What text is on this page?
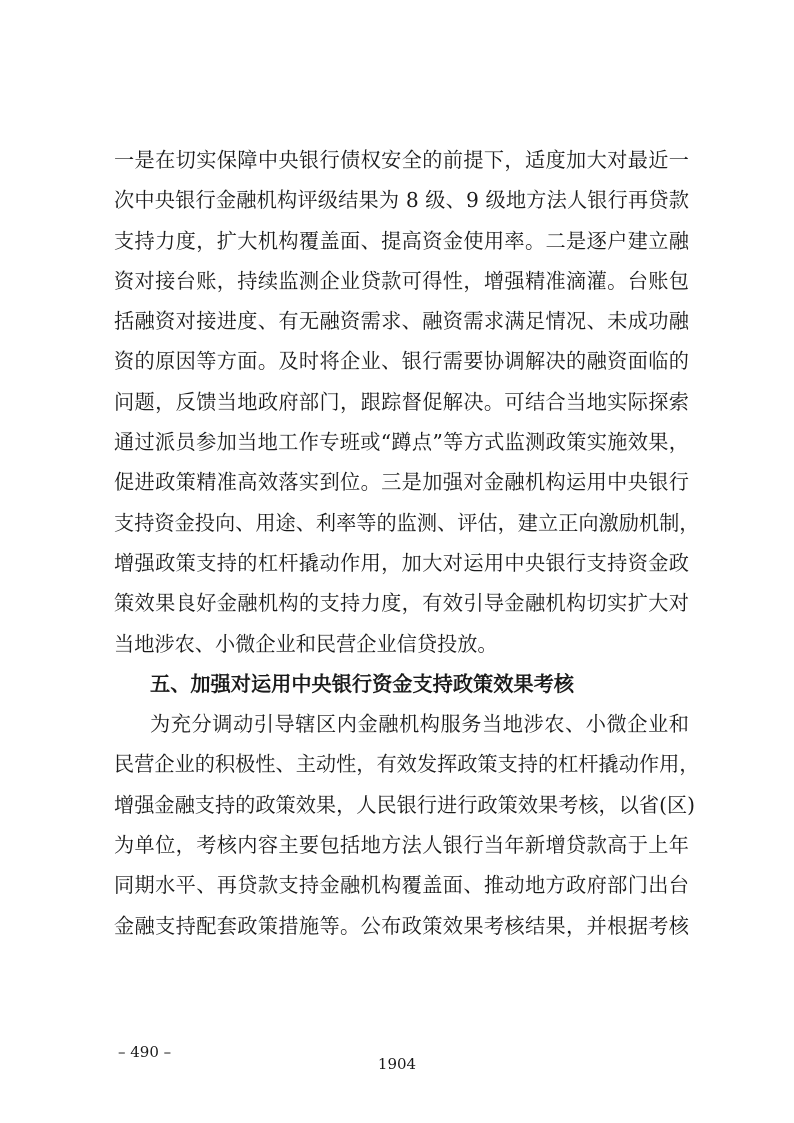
一是在切实保障中央银行债权安全的前提下，适度加大对最近一
次中央银行金融机构评级结果为 8 级、9 级地方法人银行再贷款
支持力度，扩大机构覆盖面、提高资金使用率。二是逐户建立融
资对接台账，持续监测企业贷款可得性，增强精准滴灌。台账包
括融资对接进度、有无融资需求、融资需求满足情况、未成功融
资的原因等方面。及时将企业、银行需要协调解决的融资面临的
问题，反馈当地政府部门，跟踪督促解决。可结合当地实际探索
通过派员参加当地工作专班或“蹲点”等方式监测政策实施效果，
促进政策精准高效落实到位。三是加强对金融机构运用中央银行
支持资金投向、用途、利率等的监测、评估，建立正向激励机制，
增强政策支持的杠杆撬动作用，加大对运用中央银行支持资金政
策效果良好金融机构的支持力度，有效引导金融机构切实扩大对
当地涉农、小微企业和民营企业信贷投放。
五、加强对运用中央银行资金支持政策效果考核
为充分调动引导辖区内金融机构服务当地涉农、小微企业和
民营企业的积极性、主动性，有效发挥政策支持的杠杆撬动作用，
增强金融支持的政策效果，人民银行进行政策效果考核，以省(区)
为单位，考核内容主要包括地方法人银行当年新增贷款高于上年
同期水平、再贷款支持金融机构覆盖面、推动地方政府部门出台
金融支持配套政策措施等。公布政策效果考核结果，并根据考核
– 490 –
1904
